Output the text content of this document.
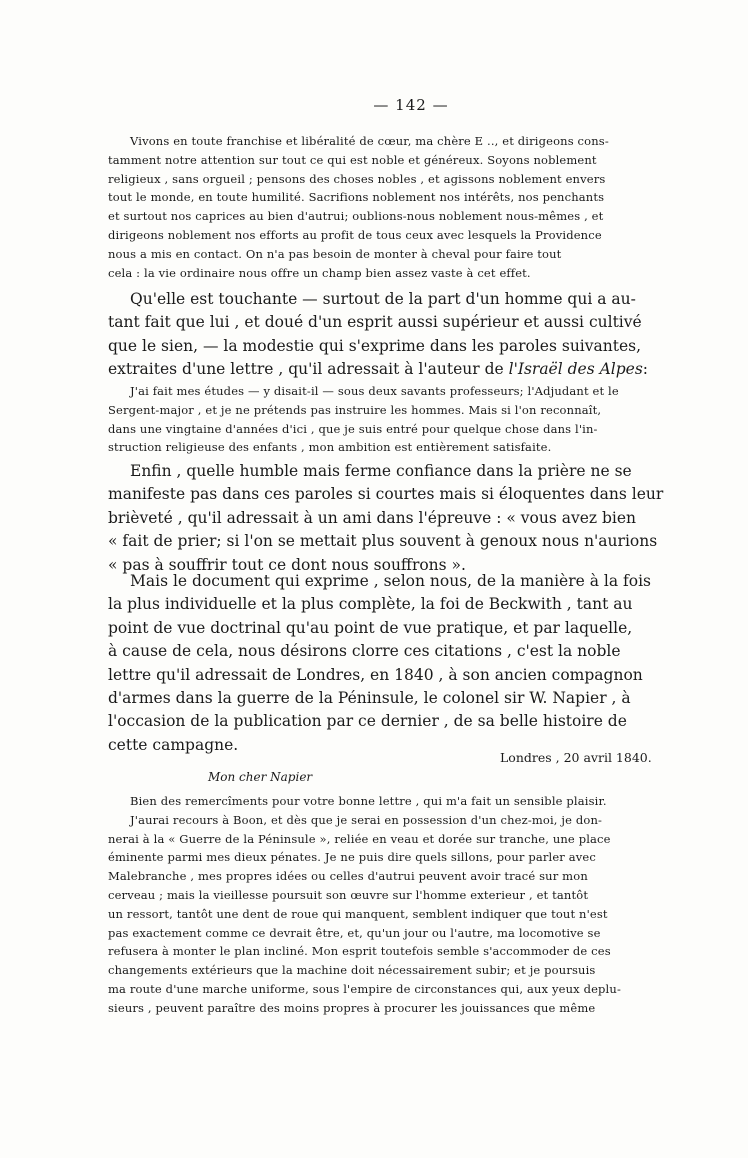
— 142 —
Vivons en toute franchise et libéralité de cœur, ma chère E .., et dirigeons cons-
tamment notre attention sur tout ce qui est noble et généreux. Soyons noblement
religieux , sans orgueil ; pensons des choses nobles , et agissons noblement envers
tout le monde, en toute humilité. Sacrifions noblement nos intérêts, nos penchants
et surtout nos caprices au bien d'autrui; oublions-nous noblement nous-mêmes , et
dirigeons noblement nos efforts au profit de tous ceux avec lesquels la Providence
nous a mis en contact. On n'a pas besoin de monter à cheval pour faire tout
cela : la vie ordinaire nous offre un champ bien assez vaste à cet effet.
Qu'elle est touchante — surtout de la part d'un homme qui a au-
tant fait que lui , et doué d'un esprit aussi supérieur et aussi cultivé
que le sien, — la modestie qui s'exprime dans les paroles suivantes,
extraites d'une lettre , qu'il adressait à l'auteur de l'Israël des Alpes:
J'ai fait mes études — y disait-il — sous deux savants professeurs; l'Adjudant et le
Sergent-major , et je ne prétends pas instruire les hommes. Mais si l'on reconnaît,
dans une vingtaine d'années d'ici , que je suis entré pour quelque chose dans l'in-
struction religieuse des enfants , mon ambition est entièrement satisfaite.
Enfin , quelle humble mais ferme confiance dans la prière ne se
manifeste pas dans ces paroles si courtes mais si éloquentes dans leur
brièveté , qu'il adressait à un ami dans l'épreuve : « vous avez bien
« fait de prier; si l'on se mettait plus souvent à genoux nous n'aurions
« pas à souffrir tout ce dont nous souffrons ».
Mais le document qui exprime , selon nous, de la manière à la fois
la plus individuelle et la plus complète, la foi de Beckwith , tant au
point de vue doctrinal qu'au point de vue pratique, et par laquelle,
à cause de cela, nous désirons clorre ces citations , c'est la noble
lettre qu'il adressait de Londres, en 1840 , à son ancien compagnon
d'armes dans la guerre de la Péninsule, le colonel sir W. Napier , à
l'occasion de la publication par ce dernier , de sa belle histoire de
cette campagne.
Londres , 20 avril 1840.
Mon cher Napier
Bien des remercîments pour votre bonne lettre , qui m'a fait un sensible plaisir.
J'aurai recours à Boon, et dès que je serai en possession d'un chez-moi, je don-
nerai à la « Guerre de la Péninsule », reliée en veau et dorée sur tranche, une place
éminente parmi mes dieux pénates. Je ne puis dire quels sillons, pour parler avec
Malebranche , mes propres idées ou celles d'autrui peuvent avoir tracé sur mon
cerveau ; mais la vieillesse poursuit son œuvre sur l'homme exterieur , et tantôt
un ressort, tantôt une dent de roue qui manquent, semblent indiquer que tout n'est
pas exactement comme ce devrait être, et, qu'un jour ou l'autre, ma locomotive se
refusera à monter le plan incliné. Mon esprit toutefois semble s'accommoder de ces
changements extérieurs que la machine doit nécessairement subir; et je poursuis
ma route d'une marche uniforme, sous l'empire de circonstances qui, aux yeux deplu-
sieurs , peuvent paraître des moins propres à procurer les jouissances que même
